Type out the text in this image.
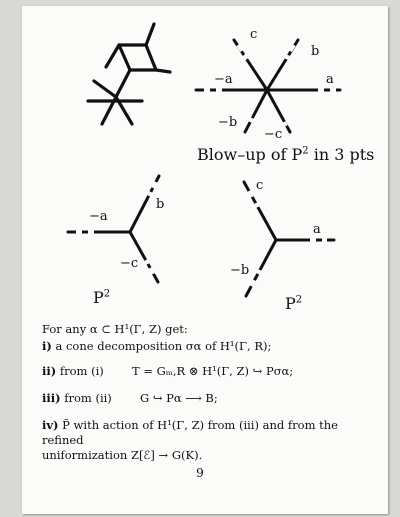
c
b
−a	a
−b
−c
Blow–up of $P^2$ in 3 pts
b
−a
−c
$P^2$
c
a
−b
$P^2$
For any α ⊂ H¹(Γ, Z) get:
i) a cone decomposition σα of H¹(Γ, R);
ii) from (i) T = Gₘ,R ⊗ H¹(Γ, Z) ↪ Pσα;
iii) from (ii) G ↪ Pα ⟶ B;
iv) P̃ with action of H¹(Γ, Z) from (iii) and from the refined
uniformization Z[ℰ] → G(K).
9
